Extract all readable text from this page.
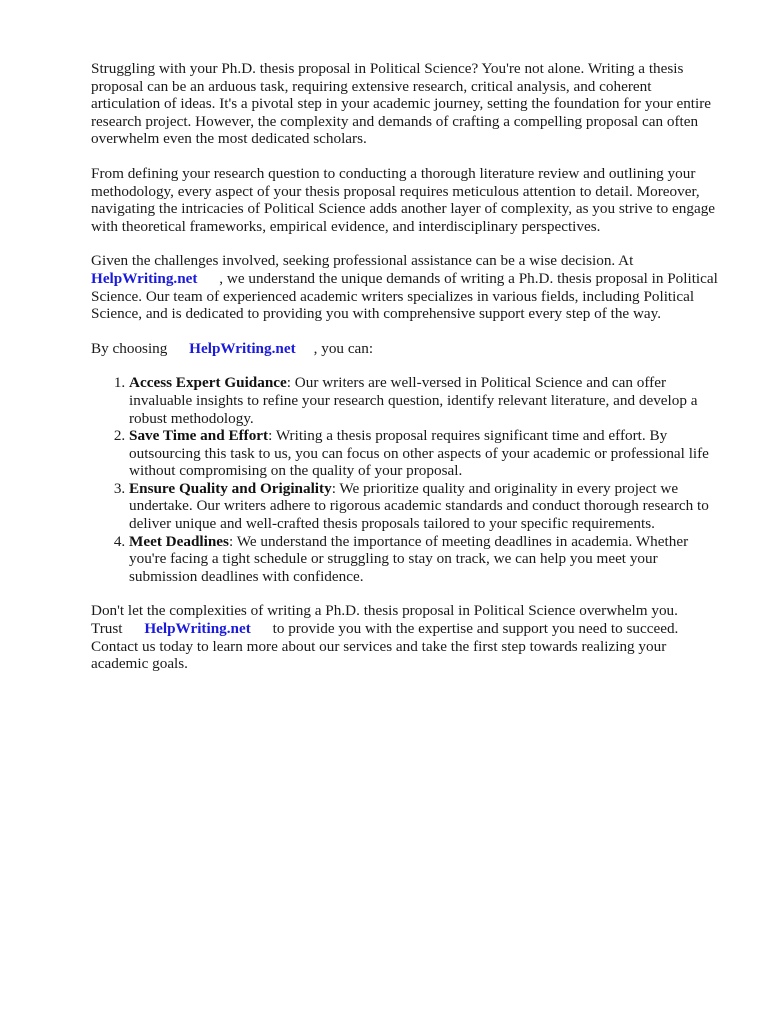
Struggling with your Ph.D. thesis proposal in Political Science? You're not alone. Writing a thesis proposal can be an arduous task, requiring extensive research, critical analysis, and coherent articulation of ideas. It's a pivotal step in your academic journey, setting the foundation for your entire research project. However, the complexity and demands of crafting a compelling proposal can often overwhelm even the most dedicated scholars.

From defining your research question to conducting a thorough literature review and outlining your methodology, every aspect of your thesis proposal requires meticulous attention to detail. Moreover, navigating the intricacies of Political Science adds another layer of complexity, as you strive to engage with theoretical frameworks, empirical evidence, and interdisciplinary perspectives.

Given the challenges involved, seeking professional assistance can be a wise decision. At
HelpWriting.net , we understand the unique demands of writing a Ph.D. thesis proposal in Political Science. Our team of experienced academic writers specializes in various fields, including Political Science, and is dedicated to providing you with comprehensive support every step of the way.

By choosing HelpWriting.net , you can:

1. Access Expert Guidance: Our writers are well-versed in Political Science and can offer invaluable insights to refine your research question, identify relevant literature, and develop a robust methodology.
2. Save Time and Effort: Writing a thesis proposal requires significant time and effort. By outsourcing this task to us, you can focus on other aspects of your academic or professional life without compromising on the quality of your proposal.
3. Ensure Quality and Originality: We prioritize quality and originality in every project we undertake. Our writers adhere to rigorous academic standards and conduct thorough research to deliver unique and well-crafted thesis proposals tailored to your specific requirements.
4. Meet Deadlines: We understand the importance of meeting deadlines in academia. Whether you're facing a tight schedule or struggling to stay on track, we can help you meet your submission deadlines with confidence.

Don't let the complexities of writing a Ph.D. thesis proposal in Political Science overwhelm you.
Trust HelpWriting.net to provide you with the expertise and support you need to succeed. Contact us today to learn more about our services and take the first step towards realizing your academic goals.
